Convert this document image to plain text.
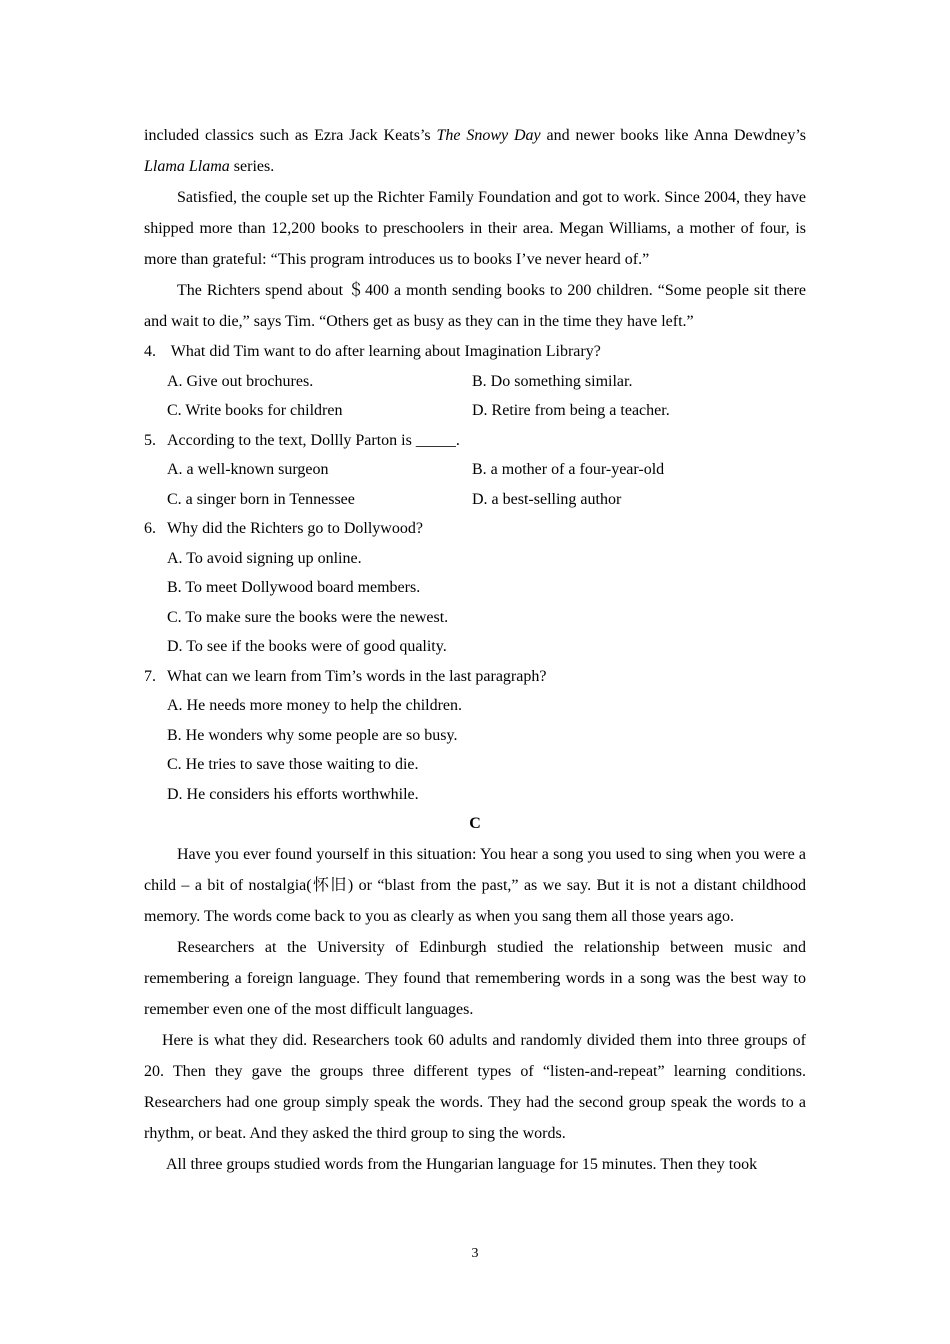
included classics such as Ezra Jack Keats’s The Snowy Day and newer books like Anna Dewdney’s Llama Llama series.

Satisfied, the couple set up the Richter Family Foundation and got to work. Since 2004, they have shipped more than 12,200 books to preschoolers in their area. Megan Williams, a mother of four, is more than grateful: “This program introduces us to books I’ve never heard of.”

The Richters spend about ＄400 a month sending books to 200 children. “Some people sit there and wait to die,” says Tim. “Others get as busy as they can in the time they have left.”

4. What did Tim want to do after learning about Imagination Library?

A. Give out brochures.	B. Do something similar.
C. Write books for children	D. Retire from being a teacher.

5. According to the text, Dollly Parton is _____.

A. a well-known surgeon	B. a mother of a four-year-old
C. a singer born in Tennessee	D. a best-selling author

6. Why did the Richters go to Dollywood?

A. To avoid signing up online.

B. To meet Dollywood board members.

C. To make sure the books were the newest.

D. To see if the books were of good quality.

7. What can we learn from Tim’s words in the last paragraph?

A. He needs more money to help the children.

B. He wonders why some people are so busy.

C. He tries to save those waiting to die.

D. He considers his efforts worthwhile.

C

Have you ever found yourself in this situation: You hear a song you used to sing when you were a child – a bit of nostalgia(怀旧) or “blast from the past,” as we say. But it is not a distant childhood memory. The words come back to you as clearly as when you sang them all those years ago.

Researchers at the University of Edinburgh studied the relationship between music and remembering a foreign language. They found that remembering words in a song was the best way to remember even one of the most difficult languages.

Here is what they did. Researchers took 60 adults and randomly divided them into three groups of 20. Then they gave the groups three different types of “listen-and-repeat” learning conditions. Researchers had one group simply speak the words. They had the second group speak the words to a rhythm, or beat. And they asked the third group to sing the words.

All three groups studied words from the Hungarian language for 15 minutes. Then they took

3
